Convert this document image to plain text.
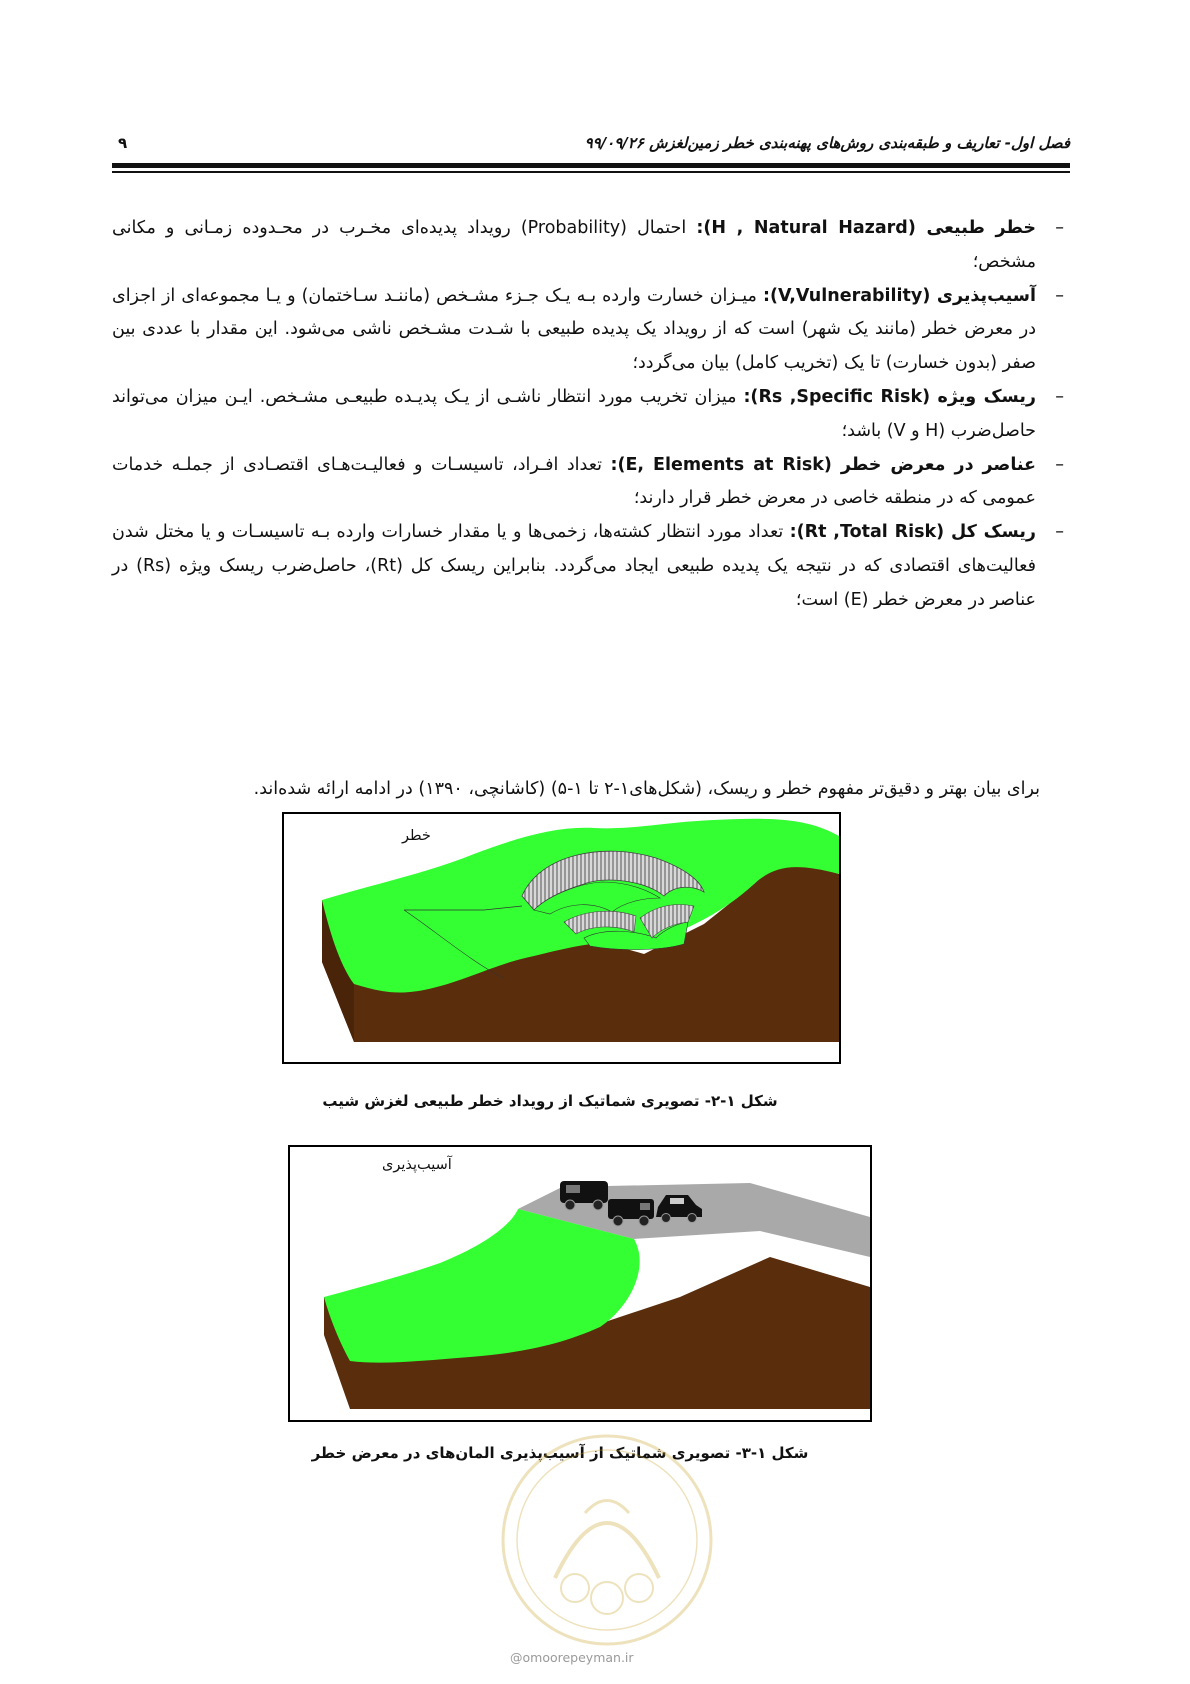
۹	فصل اول- تعاریف و طبقه‌بندی روش‌های پهنه‌بندی خطر زمین‌لغزش ۹۹/۰۹/۲۶
–
خطر طبیعی (H , Natural Hazard): احتمال (Probability) رویداد پدیده‌ای مخـرب در محـدوده زمـانی و مکانی مشخص؛
–
آسیب‌پذیری (V,Vulnerability): میـزان خسارت وارده بـه یـک جـزء مشـخص (ماننـد سـاختمان) و یـا مجموعه‌ای از اجزای در معرض خطر (مانند یک شهر) است که از رویداد یک پدیده طبیعی با شـدت مشـخص ناشی می‌شود. این مقدار با عددی بین صفر (بدون خسارت) تا یک (تخریب کامل) بیان می‌گردد؛
–
ریسک ویژه (Rs ,Specific Risk): میزان تخریب مورد انتظار ناشـی از یـک پدیـده طبیعـی مشـخص. ایـن میزان می‌تواند حاصل‌ضرب (H و V) باشد؛
–
عناصر در معرض خطر (E, Elements at Risk): تعداد افـراد، تاسیسـات و فعالیـت‌هـای اقتصـادی از جملـه خدمات عمومی که در منطقه خاصی در معرض خطر قرار دارند؛
–
ریسک کل (Rt ,Total Risk): تعداد مورد انتظار کشته‌ها، زخمی‌ها و یا مقدار خسارات وارده بـه تاسیسـات و یا مختل شدن فعالیت‌های اقتصادی که در نتیجه یک پدیده طبیعی ایجاد می‌گردد. بنابراین ریسک کل (Rt)، حاصل‌ضرب ریسک ویژه (Rs) در عناصر در معرض خطر (E) است؛
برای بیان بهتر و دقیق‌تر مفهوم خطر و ریسک، (شکل‌های۱-۲ تا ۱-۵) (کاشانچی، ۱۳۹۰) در ادامه ارائه شده‌اند.
خطر
شکل ۱-۲- تصویری شماتیک از رویداد خطر طبیعی لغزش شیب
آسیب‌پذیری
شکل ۱-۳- تصویری شماتیک از آسیب‌پذیری المان‌های در معرض خطر
@omoorepeyman.ir
